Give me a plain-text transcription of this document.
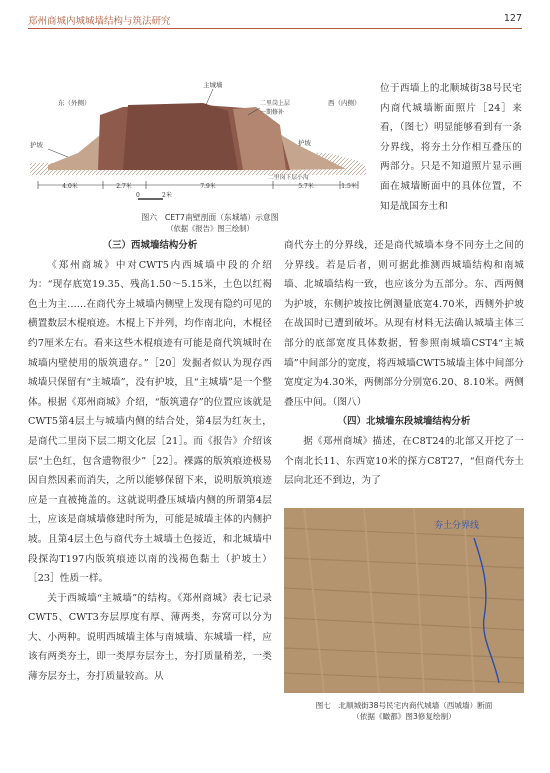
郑州商城内城城墙结构与筑法研究	127
4.0米	2.7米	7.9米	5.7米	1.5米
0	2米
主城墙
东（外侧）	西（内侧）
二里岗上层
一期修补
护坡	护坡
二里岗下层小沟
图六　CET7南壁剖面（东城墙）示意图
（依据《报告》图三绘制）
位于西墙上的北顺城街38号民宅内商代城墙断面照片［24］来看，（图七）明显能够看到有一条分界线，将夯土分作相互叠压的两部分。只是不知道照片显示画面在城墙断面中的具体位置，不知是战国夯土和
（三）西城墙结构分析
《郑州商城》中对CWT5内西城墙中段的介绍为：“现存底宽19.35、残高1.50～5.15米，土色以红褐色土为主……在商代夯土城墙内侧壁上发现有隐约可见的横置数层木棍痕迹。木棍上下并列，均作南北向，木棍径约7厘米左右。看来这些木棍痕迹有可能是商代筑城时在城墙内壁使用的版筑遗存。”［20］发掘者似认为现存西城墙只保留有“主城墙”，没有护坡，且“主城墙”是一个整体。根据《郑州商城》介绍，“版筑遗存”的位置应该就是CWT5第4层土与城墙内侧的结合处，第4层为红灰土，是商代二里岗下层二期文化层［21］。而《报告》介绍该层“土色红，包含遗物很少”［22］。裸露的版筑痕迹极易因自然因素而消失，之所以能够保留下来，说明版筑痕迹应是一直被掩盖的。这就说明叠压城墙内侧的所谓第4层土，应该是商城墙修建时所为，可能是城墙主体的内侧护坡。且第4层土色与商代夯土城墙土色接近，和北城墙中段探沟T197内版筑痕迹以南的浅褐色黏土（护坡土）［23］性质一样。
关于西城墙“主城墙”的结构。《郑州商城》表七记录CWT5、CWT3夯层厚度有厚、薄两类，夯窝可以分为大、小两种。说明西城墙主体与南城墙、东城墙一样，应该有两类夯土，即一类厚夯层夯土，夯打质量稍差，一类薄夯层夯土，夯打质量较高。从
商代夯土的分界线，还是商代城墙本身不同夯土之间的分界线。若是后者，则可据此推测西城墙结构和南城墙、北城墙结构一致，也应该分为五部分。东、西两侧为护坡，东侧护坡按比例测量底宽4.70米，西侧外护坡在战国时已遭到破坏。从现有材料无法确认城墙主体三部分的底部宽度具体数据，暂参照南城墙CST4“主城墙”中间部分的宽度，将西城墙CWT5城墙主体中间部分宽度定为4.30米，两侧部分分别宽6.20、8.10米。两侧叠压中间。（图八）
（四）北城墙东段城墙结构分析
据《郑州商城》描述，在C8T24的北部又开挖了一个南北长11、东西宽10米的探方C8T27，“但商代夯土层向北还不到边，为了
夯土分界线
图七　北顺城街38号民宅内商代城墙（西城墙）断面
（依据《瞰都》图3修复绘制）
